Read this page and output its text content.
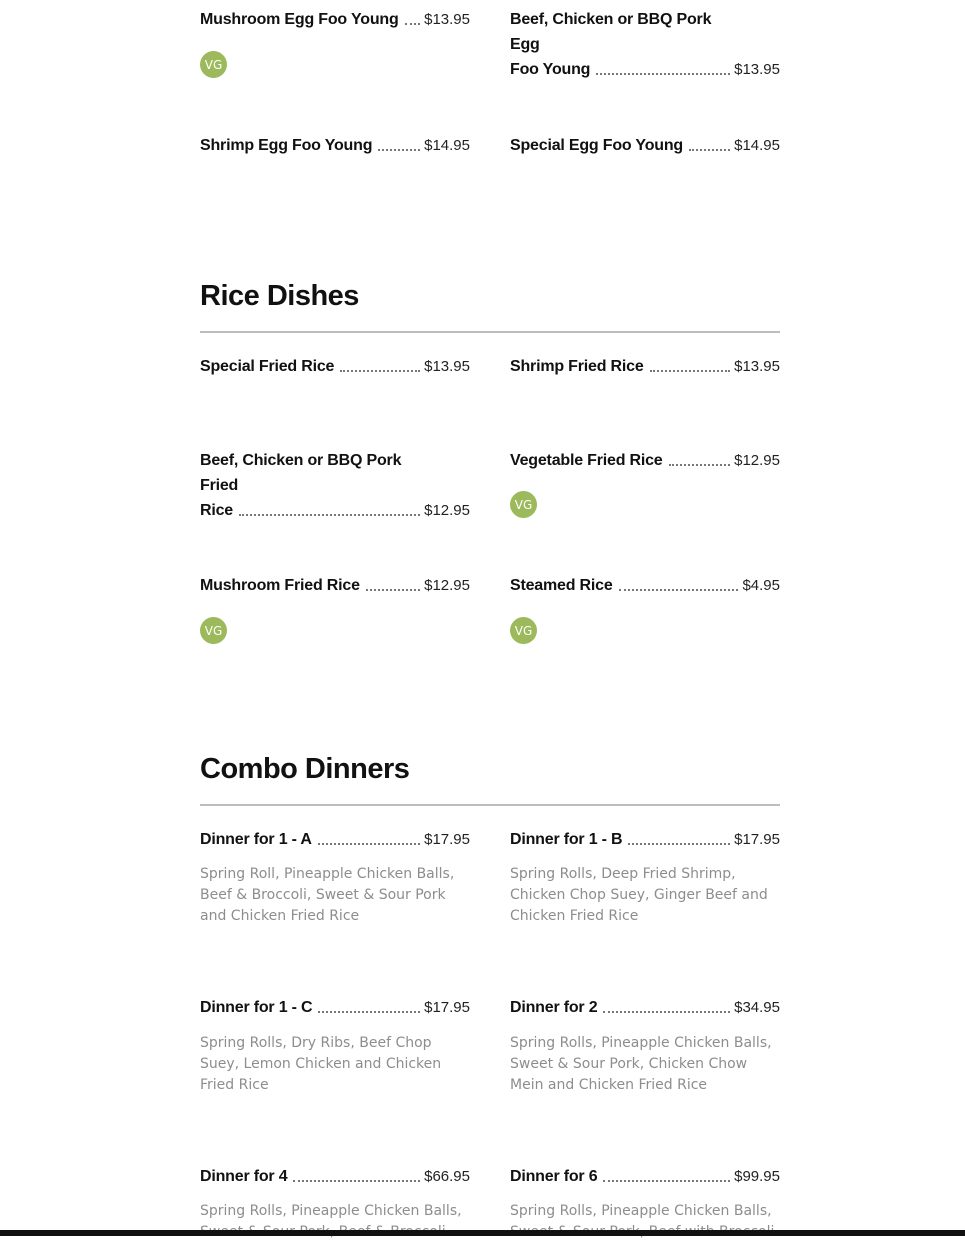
Mushroom Egg Foo Young $13.95
VG
Beef, Chicken or BBQ Pork Egg
Foo Young	$13.95
Shrimp Egg Foo Young	$14.95	Special Egg Foo Young	$14.95
Rice Dishes
Special Fried Rice	$13.95	Shrimp Fried Rice	$13.95
Beef, Chicken or BBQ Pork Fried
Rice	$12.95
Vegetable Fried Rice	$12.95
VG
Mushroom Fried Rice	$12.95
VG
Steamed Rice	$4.95
VG
Combo Dinners
Dinner for 1 - A	$17.95
Spring Roll, Pineapple Chicken Balls, Beef & Broccoli, Sweet & Sour Pork and Chicken Fried Rice
Dinner for 1 - B	$17.95
Spring Rolls, Deep Fried Shrimp, Chicken Chop Suey, Ginger Beef and Chicken Fried Rice
Dinner for 1 - C	$17.95
Spring Rolls, Dry Ribs, Beef Chop Suey, Lemon Chicken and Chicken Fried Rice
Dinner for 2	$34.95
Spring Rolls, Pineapple Chicken Balls, Sweet & Sour Pork, Chicken Chow Mein and Chicken Fried Rice
Dinner for 4	$66.95
Spring Rolls, Pineapple Chicken Balls,
Dinner for 6	$99.95
Spring Rolls, Pineapple Chicken Balls,
